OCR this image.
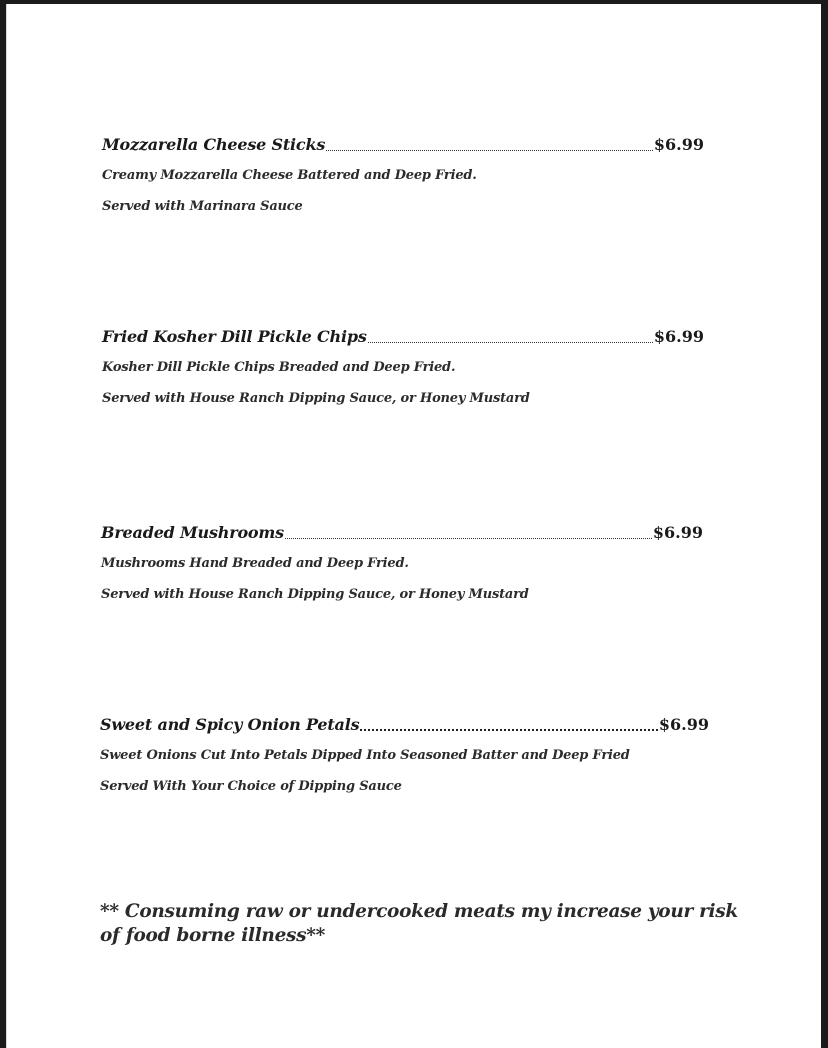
Mozzarella Cheese Sticks	$6.99
Creamy Mozzarella Cheese Battered and Deep Fried.
Served with Marinara Sauce
Fried Kosher Dill Pickle Chips	$6.99
Kosher Dill Pickle Chips Breaded and Deep Fried.
Served with House Ranch Dipping Sauce, or Honey Mustard
Breaded Mushrooms	$6.99
Mushrooms Hand Breaded and Deep Fried.
Served with House Ranch Dipping Sauce, or Honey Mustard
Sweet and Spicy Onion Petals	$6.99
Sweet Onions Cut Into Petals Dipped Into Seasoned Batter and Deep Fried
Served With Your Choice of Dipping Sauce
** Consuming raw or undercooked meats my increase your risk of food borne illness**
